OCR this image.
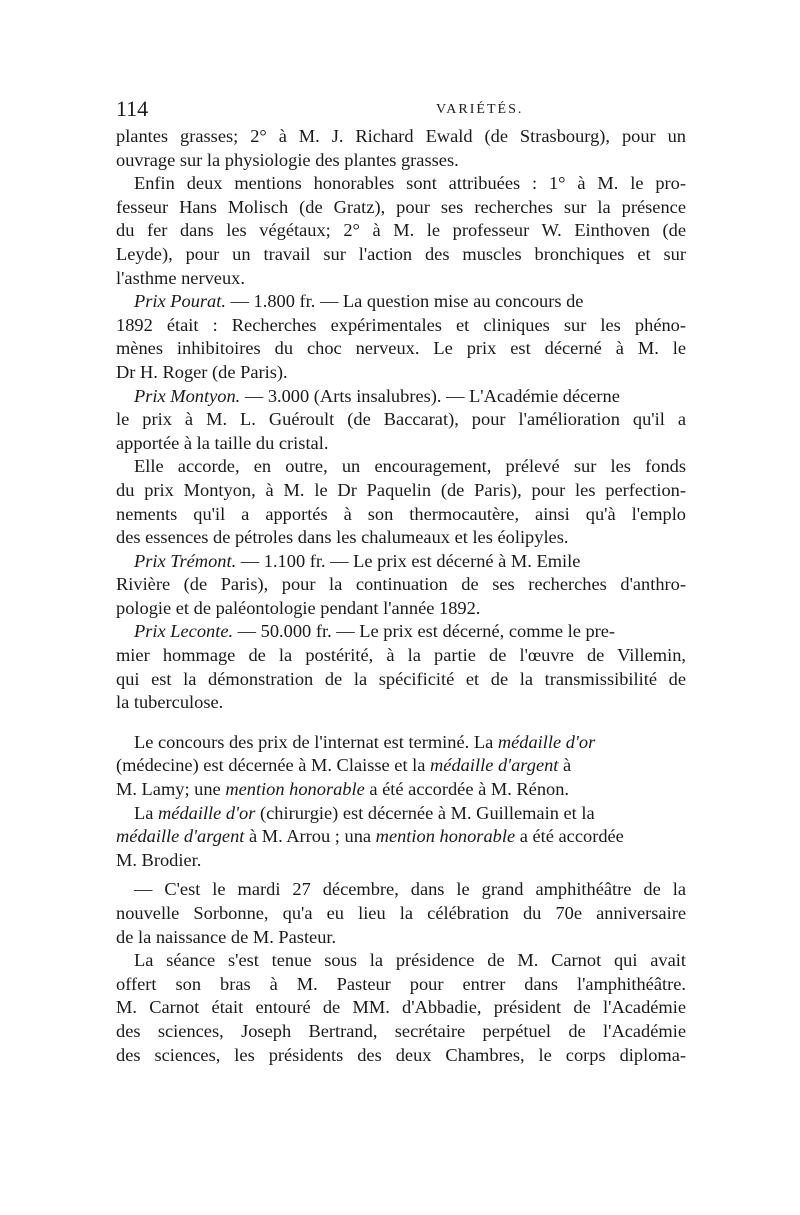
114	VARIÉTÉS.
plantes grasses; 2° à M. J. Richard Ewald (de Strasbourg), pour un
ouvrage sur la physiologie des plantes grasses.
Enfin deux mentions honorables sont attribuées : 1° à M. le pro-
fesseur Hans Molisch (de Gratz), pour ses recherches sur la présence
du fer dans les végétaux; 2° à M. le professeur W. Einthoven (de
Leyde), pour un travail sur l'action des muscles bronchiques et sur
l'asthme nerveux.
Prix Pourat. — 1.800 fr. — La question mise au concours de
1892 était : Recherches expérimentales et cliniques sur les phéno-
mènes inhibitoires du choc nerveux. Le prix est décerné à M. le
Dr H. Roger (de Paris).
Prix Montyon. — 3.000 (Arts insalubres). — L'Académie décerne
le prix à M. L. Guéroult (de Baccarat), pour l'amélioration qu'il a
apportée à la taille du cristal.
Elle accorde, en outre, un encouragement, prélevé sur les fonds
du prix Montyon, à M. le Dr Paquelin (de Paris), pour les perfection-
nements qu'il a apportés à son thermocautère, ainsi qu'à l'emplo
des essences de pétroles dans les chalumeaux et les éolipyles.
Prix Trémont. — 1.100 fr. — Le prix est décerné à M. Emile
Rivière (de Paris), pour la continuation de ses recherches d'anthro-
pologie et de paléontologie pendant l'année 1892.
Prix Leconte. — 50.000 fr. — Le prix est décerné, comme le pre-
mier hommage de la postérité, à la partie de l'œuvre de Villemin,
qui est la démonstration de la spécificité et de la transmissibilité de
la tuberculose.
Le concours des prix de l'internat est terminé. La médaille d'or
(médecine) est décernée à M. Claisse et la médaille d'argent à
M. Lamy; une mention honorable a été accordée à M. Rénon.
La médaille d'or (chirurgie) est décernée à M. Guillemain et la
médaille d'argent à M. Arrou ; una mention honorable a été accordée
M. Brodier.
— C'est le mardi 27 décembre, dans le grand amphithéâtre de la
nouvelle Sorbonne, qu'a eu lieu la célébration du 70e anniversaire
de la naissance de M. Pasteur.
La séance s'est tenue sous la présidence de M. Carnot qui avait
offert son bras à M. Pasteur pour entrer dans l'amphithéâtre.
M. Carnot était entouré de MM. d'Abbadie, président de l'Académie
des sciences, Joseph Bertrand, secrétaire perpétuel de l'Académie
des sciences, les présidents des deux Chambres, le corps diploma-
